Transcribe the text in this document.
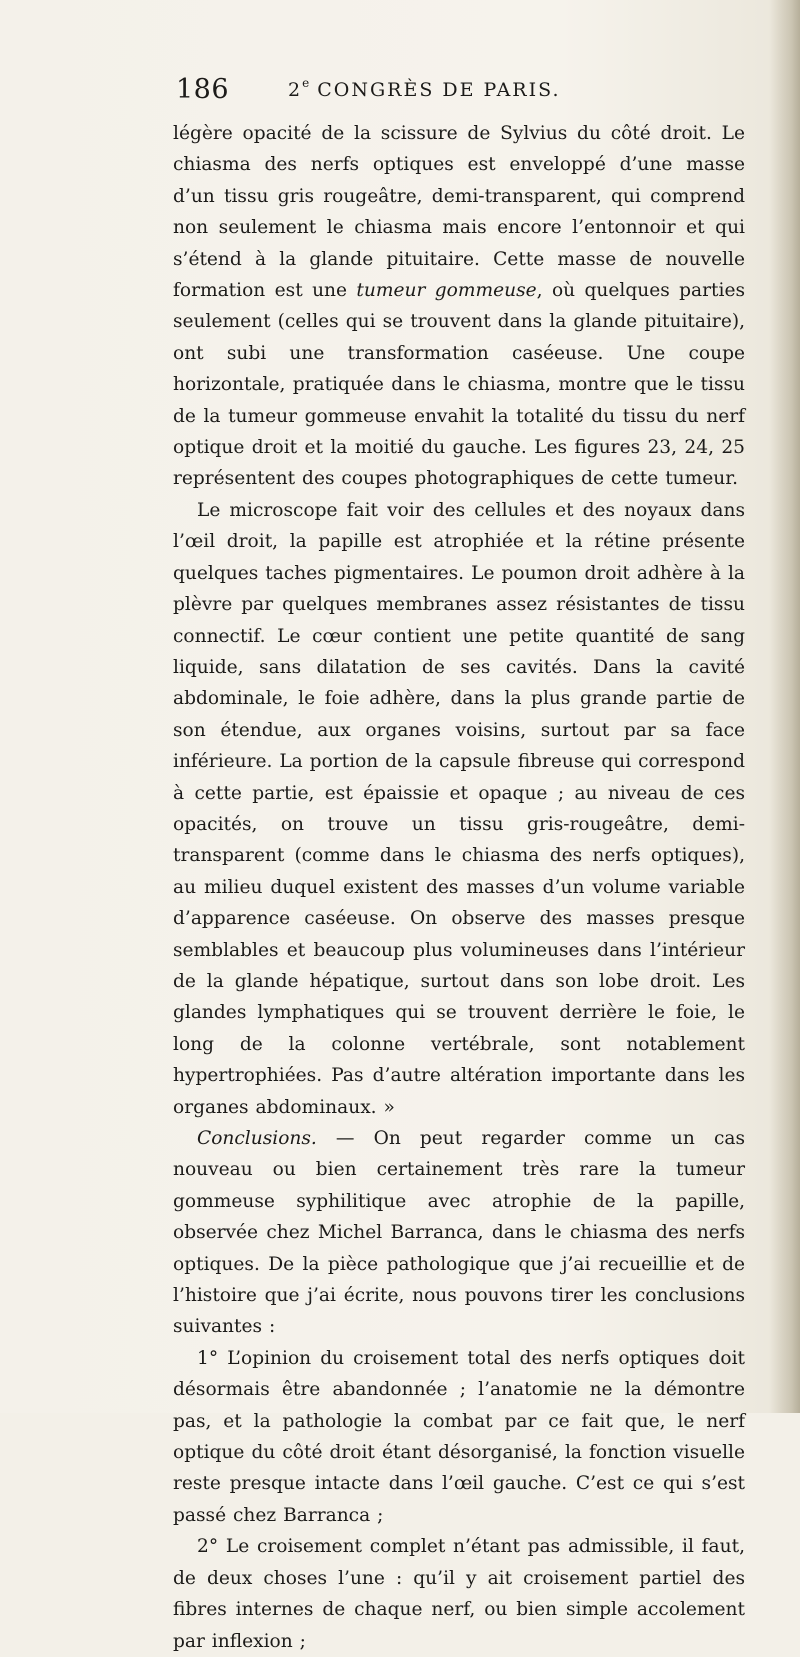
186	2e CONGRÈS DE PARIS.

légère opacité de la scissure de Sylvius du côté droit. Le chiasma des nerfs optiques est enveloppé d’une masse d’un tissu gris rougeâtre, demi-transparent, qui comprend non seulement le chiasma mais encore l’entonnoir et qui s’étend à la glande pituitaire. Cette masse de nouvelle formation est une tumeur gommeuse, où quelques parties seulement (celles qui se trouvent dans la glande pituitaire), ont subi une transformation caséeuse. Une coupe horizontale, pratiquée dans le chiasma, montre que le tissu de la tumeur gommeuse envahit la totalité du tissu du nerf optique droit et la moitié du gauche. Les figures 23, 24, 25 représentent des coupes photographiques de cette tumeur.

Le microscope fait voir des cellules et des noyaux dans l’œil droit, la papille est atrophiée et la rétine présente quelques taches pigmentaires. Le poumon droit adhère à la plèvre par quelques membranes assez résistantes de tissu connectif. Le cœur contient une petite quantité de sang liquide, sans dilatation de ses cavités. Dans la cavité abdominale, le foie adhère, dans la plus grande partie de son étendue, aux organes voisins, surtout par sa face inférieure. La portion de la capsule fibreuse qui correspond à cette partie, est épaissie et opaque ; au niveau de ces opacités, on trouve un tissu gris-rougeâtre, demi-transparent (comme dans le chiasma des nerfs optiques), au milieu duquel existent des masses d’un volume variable d’apparence caséeuse. On observe des masses presque semblables et beaucoup plus volumineuses dans l’intérieur de la glande hépatique, surtout dans son lobe droit. Les glandes lymphatiques qui se trouvent derrière le foie, le long de la colonne vertébrale, sont notablement hypertrophiées. Pas d’autre altération importante dans les organes abdominaux. »

Conclusions. — On peut regarder comme un cas nouveau ou bien certainement très rare la tumeur gommeuse syphilitique avec atrophie de la papille, observée chez Michel Barranca, dans le chiasma des nerfs optiques. De la pièce pathologique que j’ai recueillie et de l’histoire que j’ai écrite, nous pouvons tirer les conclusions suivantes :

1° L’opinion du croisement total des nerfs optiques doit désormais être abandonnée ; l’anatomie ne la démontre pas, et la pathologie la combat par ce fait que, le nerf optique du côté droit étant désorganisé, la fonction visuelle reste presque intacte dans l’œil gauche. C’est ce qui s’est passé chez Barranca ;

2° Le croisement complet n’étant pas admissible, il faut, de deux choses l’une : qu’il y ait croisement partiel des fibres internes de chaque nerf, ou bien simple accolement par inflexion ;
